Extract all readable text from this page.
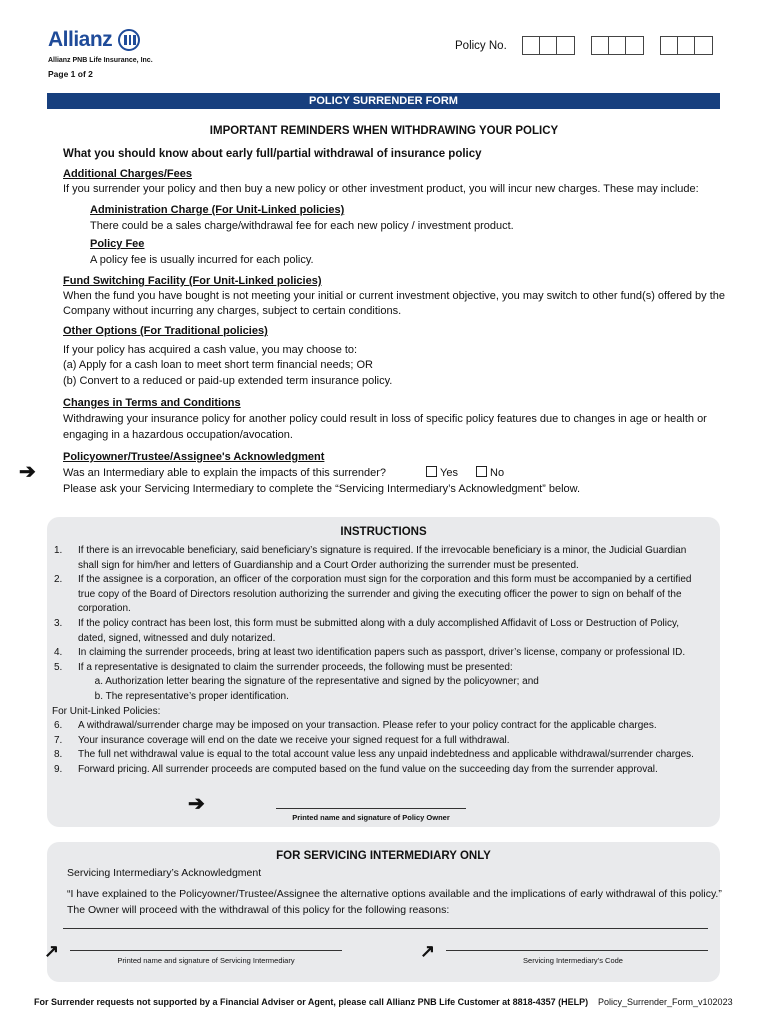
Allianz
Allianz PNB Life Insurance, Inc.
Page 1 of 2
Policy No.
POLICY SURRENDER FORM
IMPORTANT REMINDERS WHEN WITHDRAWING YOUR POLICY
What you should know about early full/partial withdrawal of insurance policy
Additional Charges/Fees
If you surrender your policy and then buy a new policy or other investment product, you will incur new charges. These may include:
Administration Charge (For Unit-Linked policies)
There could be a sales charge/withdrawal fee for each new policy / investment product.
Policy Fee
A policy fee is usually incurred for each policy.
Fund Switching Facility (For Unit-Linked policies)
When the fund you have bought is not meeting your initial or current investment objective, you may switch to other fund(s) offered by the
Company without incurring any charges, subject to certain conditions.
Other Options (For Traditional policies)
If your policy has acquired a cash value, you may choose to:
(a) Apply for a cash loan to meet short term financial needs; OR
(b) Convert to a reduced or paid-up extended term insurance policy.
Changes in Terms and Conditions
Withdrawing your insurance policy for another policy could result in loss of specific policy features due to changes in age or health or
engaging in a hazardous occupation/avocation.
Policyowner/Trustee/Assignee's Acknowledgment
➔ Was an Intermediary able to explain the impacts of this surrender?	Yes	No
Please ask your Servicing Intermediary to complete the “Servicing Intermediary’s Acknowledgment” below.
INSTRUCTIONS
1. If there is an irrevocable beneficiary, said beneficiary’s signature is required. If the irrevocable beneficiary is a minor, the Judicial Guardian
shall sign for him/her and letters of Guardianship and a Court Order authorizing the surrender must be presented.
2. If the assignee is a corporation, an officer of the corporation must sign for the corporation and this form must be accompanied by a certified
true copy of the Board of Directors resolution authorizing the surrender and giving the executing officer the power to sign on behalf of the
corporation.
3. If the policy contract has been lost, this form must be submitted along with a duly accomplished Affidavit of Loss or Destruction of Policy,
dated, signed, witnessed and duly notarized.
4. In claiming the surrender proceeds, bring at least two identification papers such as passport, driver’s license, company or professional ID.
5. If a representative is designated to claim the surrender proceeds, the following must be presented:
a. Authorization letter bearing the signature of the representative and signed by the policyowner; and
b. The representative’s proper identification.
For Unit-Linked Policies:
6. A withdrawal/surrender charge may be imposed on your transaction. Please refer to your policy contract for the applicable charges.
7. Your insurance coverage will end on the date we receive your signed request for a full withdrawal.
8. The full net withdrawal value is equal to the total account value less any unpaid indebtedness and applicable withdrawal/surrender charges.
9. Forward pricing. All surrender proceeds are computed based on the fund value on the succeeding day from the surrender approval.
➔
Printed name and signature of Policy Owner
FOR SERVICING INTERMEDIARY ONLY
Servicing Intermediary’s Acknowledgment
“I have explained to the Policyowner/Trustee/Assignee the alternative options available and the implications of early withdrawal of this policy.”
The Owner will proceed with the withdrawal of this policy for the following reasons:
↗	Printed name and signature of Servicing Intermediary	↗	Servicing Intermediary’s Code
For Surrender requests not supported by a Financial Adviser or Agent, please call Allianz PNB Life Customer at 8818-4357 (HELP) Policy_Surrender_Form_v102023
